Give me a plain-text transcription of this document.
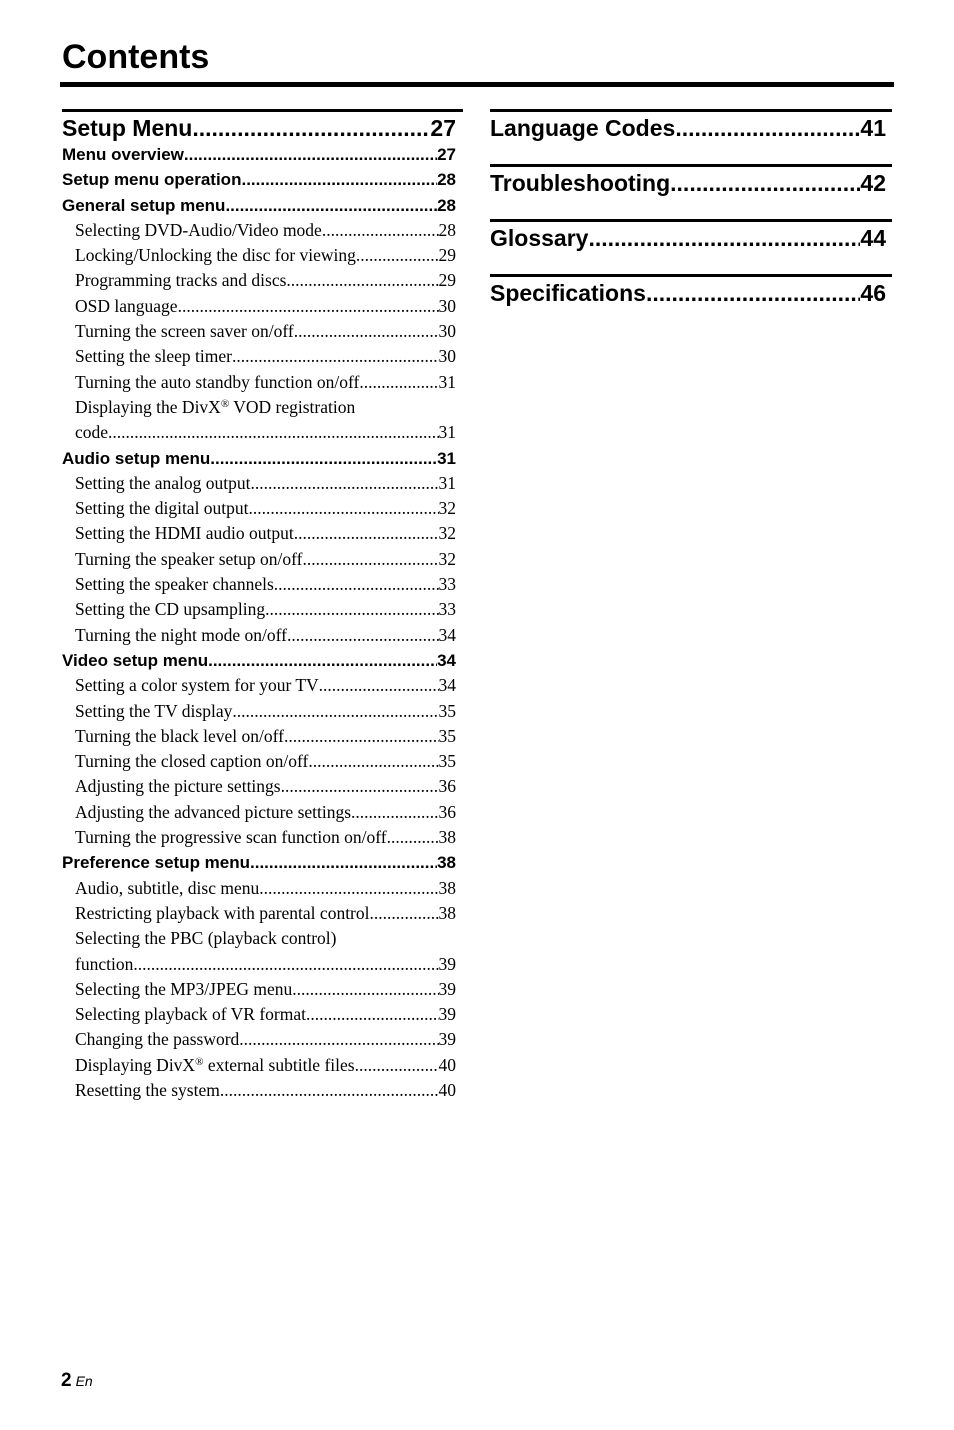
Contents
Setup Menu .....	27
Menu overview .....	27
Setup menu operation .....	28
General setup menu .....	28
Selecting DVD-Audio/Video mode .....	28
Locking/Unlocking the disc for viewing .....	29
Programming tracks and discs .....	29
OSD language .....	30
Turning the screen saver on/off .....	30
Setting the sleep timer .....	30
Turning the auto standby function on/off .....	31
Displaying the DivX® VOD registration
code .....	31
Audio setup menu .....	31
Setting the analog output .....	31
Setting the digital output .....	32
Setting the HDMI audio output .....	32
Turning the speaker setup on/off .....	32
Setting the speaker channels .....	33
Setting the CD upsampling .....	33
Turning the night mode on/off .....	34
Video setup menu .....	34
Setting a color system for your TV .....	34
Setting the TV display .....	35
Turning the black level on/off .....	35
Turning the closed caption on/off .....	35
Adjusting the picture settings .....	36
Adjusting the advanced picture settings .....	36
Turning the progressive scan function on/off .....	38
Preference setup menu .....	38
Audio, subtitle, disc menu .....	38
Restricting playback with parental control .....	38
Selecting the PBC (playback control)
function .....	39
Selecting the MP3/JPEG menu .....	39
Selecting playback of VR format .....	39
Changing the password .....	39
Displaying DivX® external subtitle files .....	40
Resetting the system .....	40
Language Codes .....	41
Troubleshooting .....	42
Glossary .....	44
Specifications .....	46
2 En
